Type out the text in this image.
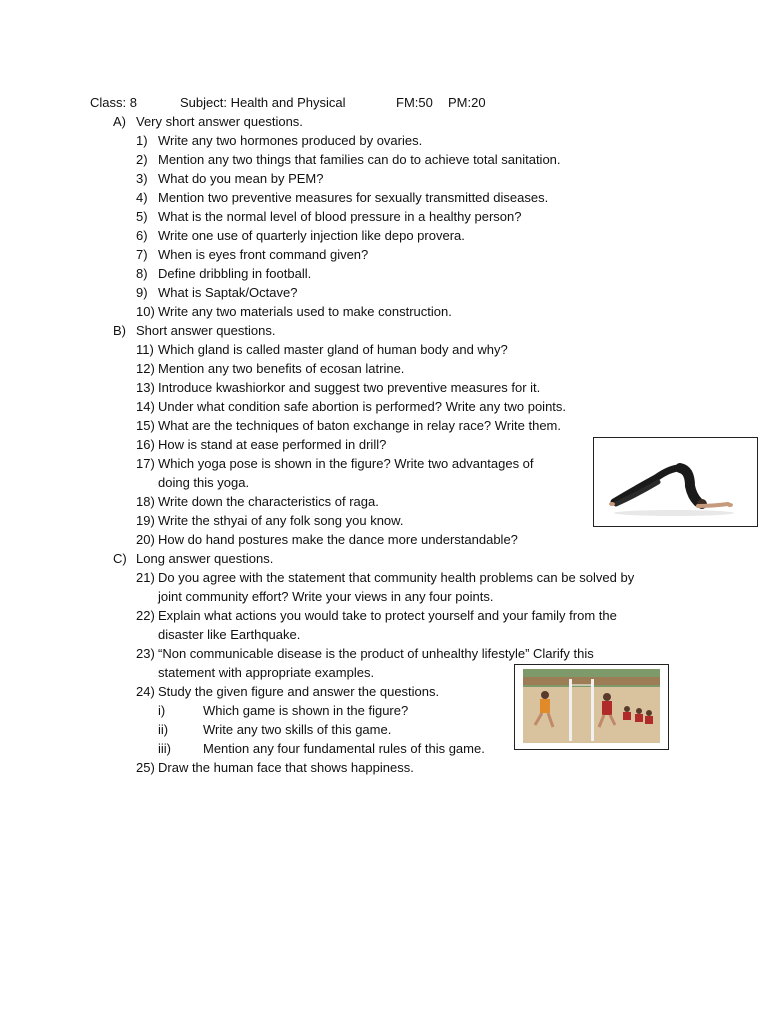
Class: 8	Subject: Health and Physical	FM:50 PM:20
A) Very short answer questions.
1) Write any two hormones produced by ovaries.
2) Mention any two things that families can do to achieve total sanitation.
3) What do you mean by PEM?
4) Mention two preventive measures for sexually transmitted diseases.
5) What is the normal level of blood pressure in a healthy person?
6) Write one use of quarterly injection like depo provera.
7) When is eyes front command given?
8) Define dribbling in football.
9) What is Saptak/Octave?
10) Write any two materials used to make construction.
B) Short answer questions.
11) Which gland is called master gland of human body and why?
12) Mention any two benefits of ecosan latrine.
13) Introduce kwashiorkor and suggest two preventive measures for it.
14) Under what condition safe abortion is performed? Write any two points.
15) What are the techniques of baton exchange in relay race? Write them.
16) How is stand at ease performed in drill?
17) Which yoga pose is shown in the figure? Write two advantages of
doing this yoga.
18) Write down the characteristics of raga.
19) Write the sthyai of any folk song you know.
20) How do hand postures make the dance more understandable?
C) Long answer questions.
21) Do you agree with the statement that community health problems can be solved by
joint community effort? Write your views in any four points.
22) Explain what actions you would take to protect yourself and your family from the
disaster like Earthquake.
23) “Non communicable disease is the product of unhealthy lifestyle” Clarify this
statement with appropriate examples.
24) Study the given figure and answer the questions.
i)	Which game is shown in the figure?
ii)	Write any two skills of this game.
iii) Mention any four fundamental rules of this game.
25) Draw the human face that shows happiness.
